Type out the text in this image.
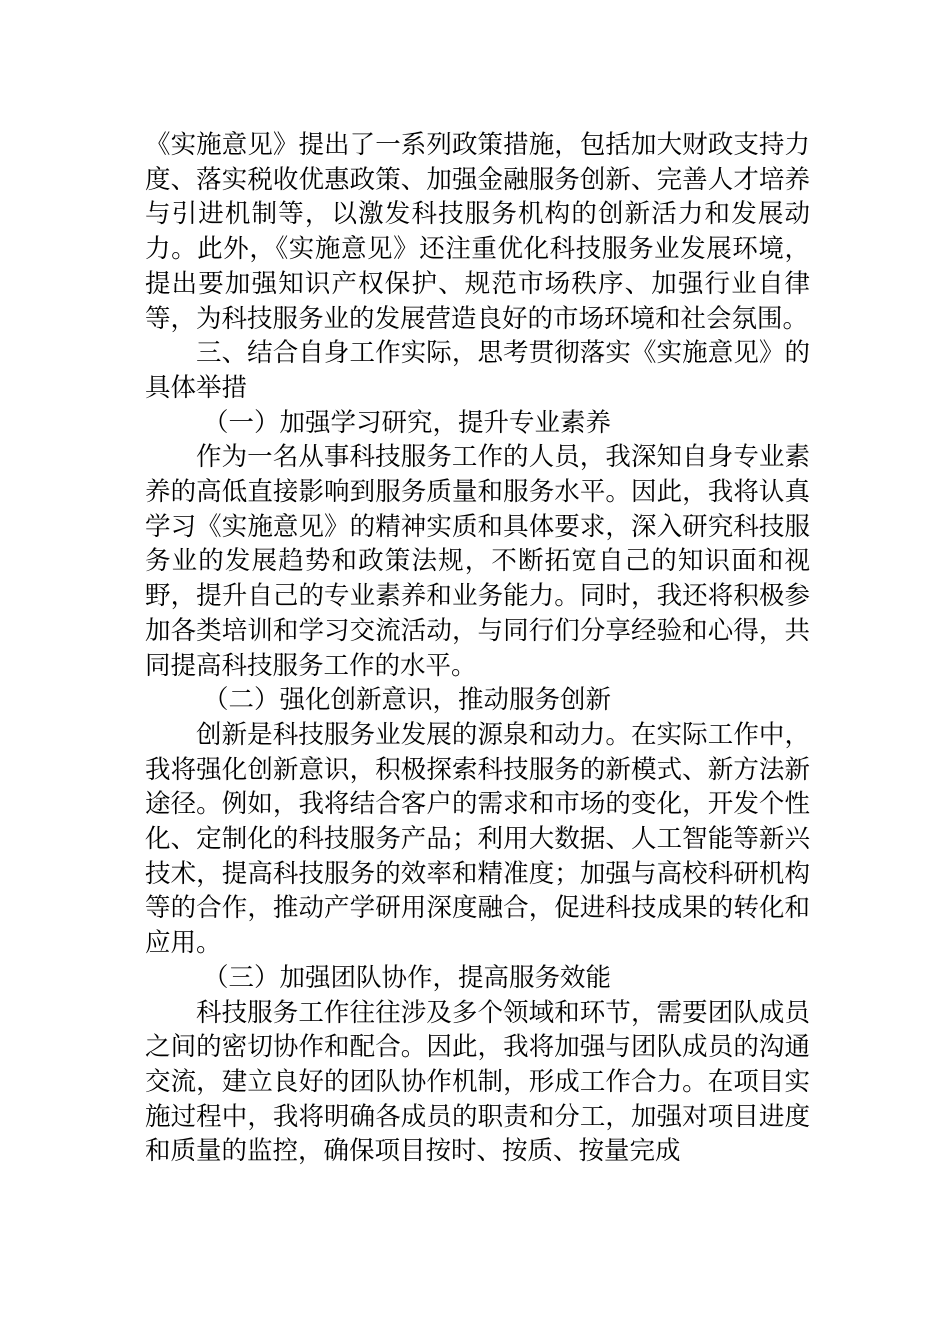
《实施意见》提出了一系列政策措施，包括加大财政支持力度、落实税收优惠政策、加强金融服务创新、完善人才培养与引进机制等，以激发科技服务机构的创新活力和发展动力。此外，《实施意见》还注重优化科技服务业发展环境，提出要加强知识产权保护、规范市场秩序、加强行业自律等，为科技服务业的发展营造良好的市场环境和社会氛围。

三、结合自身工作实际，思考贯彻落实《实施意见》的具体举措

（一）加强学习研究，提升专业素养

作为一名从事科技服务工作的人员，我深知自身专业素养的高低直接影响到服务质量和服务水平。因此，我将认真学习《实施意见》的精神实质和具体要求，深入研究科技服务业的发展趋势和政策法规，不断拓宽自己的知识面和视野，提升自己的专业素养和业务能力。同时，我还将积极参加各类培训和学习交流活动，与同行们分享经验和心得，共同提高科技服务工作的水平。

（二）强化创新意识，推动服务创新

创新是科技服务业发展的源泉和动力。在实际工作中，我将强化创新意识，积极探索科技服务的新模式、新方法新途径。例如，我将结合客户的需求和市场的变化，开发个性化、定制化的科技服务产品；利用大数据、人工智能等新兴技术，提高科技服务的效率和精准度；加强与高校科研机构等的合作，推动产学研用深度融合，促进科技成果的转化和应用。

（三）加强团队协作，提高服务效能

科技服务工作往往涉及多个领域和环节，需要团队成员之间的密切协作和配合。因此，我将加强与团队成员的沟通交流，建立良好的团队协作机制，形成工作合力。在项目实施过程中，我将明确各成员的职责和分工，加强对项目进度和质量的监控，确保项目按时、按质、按量完成
